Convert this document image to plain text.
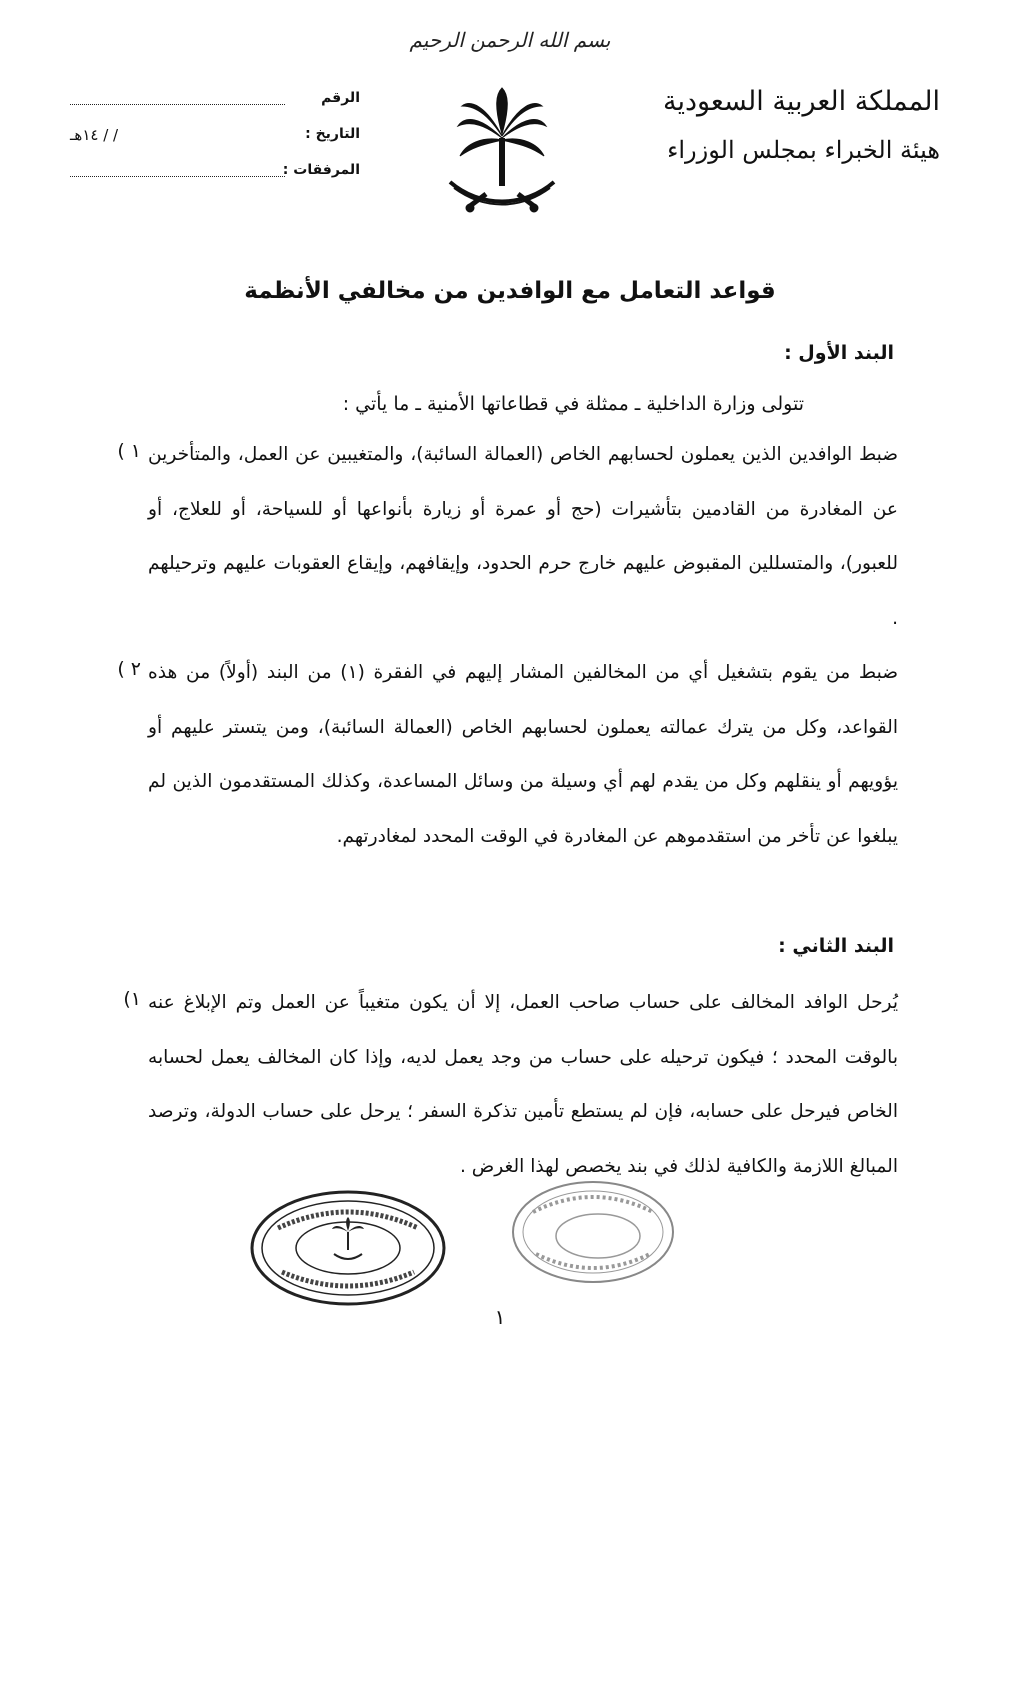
بسم الله الرحمن الرحيم
المملكة العربية السعودية
هيئة الخبراء بمجلس الوزراء
الرقم
التاريخ :
١٤هـ / /
المرفقات :
قواعد التعامل مع الوافدين من مخالفي الأنظمة
البند الأول :
تتولى وزارة الداخلية ـ ممثلة في قطاعاتها الأمنية ـ ما يأتي :
١ ) ضبط الوافدين الذين يعملون لحسابهم الخاص (العمالة السائبة)، والمتغيبين عن العمل، والمتأخرين عن المغادرة من القادمين بتأشيرات (حج أو عمرة أو زيارة بأنواعها أو للسياحة، أو للعلاج، أو للعبور)، والمتسللين المقبوض عليهم خارج حرم الحدود، وإيقافهم، وإيقاع العقوبات عليهم وترحيلهم .

٢ ) ضبط من يقوم بتشغيل أي من المخالفين المشار إليهم في الفقرة (١) من البند (أولاً) من هذه القواعد، وكل من يترك عمالته يعملون لحسابهم الخاص (العمالة السائبة)، ومن يتستر عليهم أو يؤويهم أو ينقلهم وكل من يقدم لهم أي وسيلة من وسائل المساعدة، وكذلك المستقدمون الذين لم يبلغوا عن تأخر من استقدموهم عن المغادرة في الوقت المحدد لمغادرتهم.

البند الثاني :
١) يُرحل الوافد المخالف على حساب صاحب العمل، إلا أن يكون متغيباً عن العمل وتم الإبلاغ عنه بالوقت المحدد ؛ فيكون ترحيله على حساب من وجد يعمل لديه، وإذا كان المخالف يعمل لحسابه الخاص فيرحل على حسابه، فإن لم يستطع تأمين تذكرة السفر ؛ يرحل على حساب الدولة، وترصد المبالغ اللازمة والكافية لذلك في بند يخصص لهذا الغرض .

١
